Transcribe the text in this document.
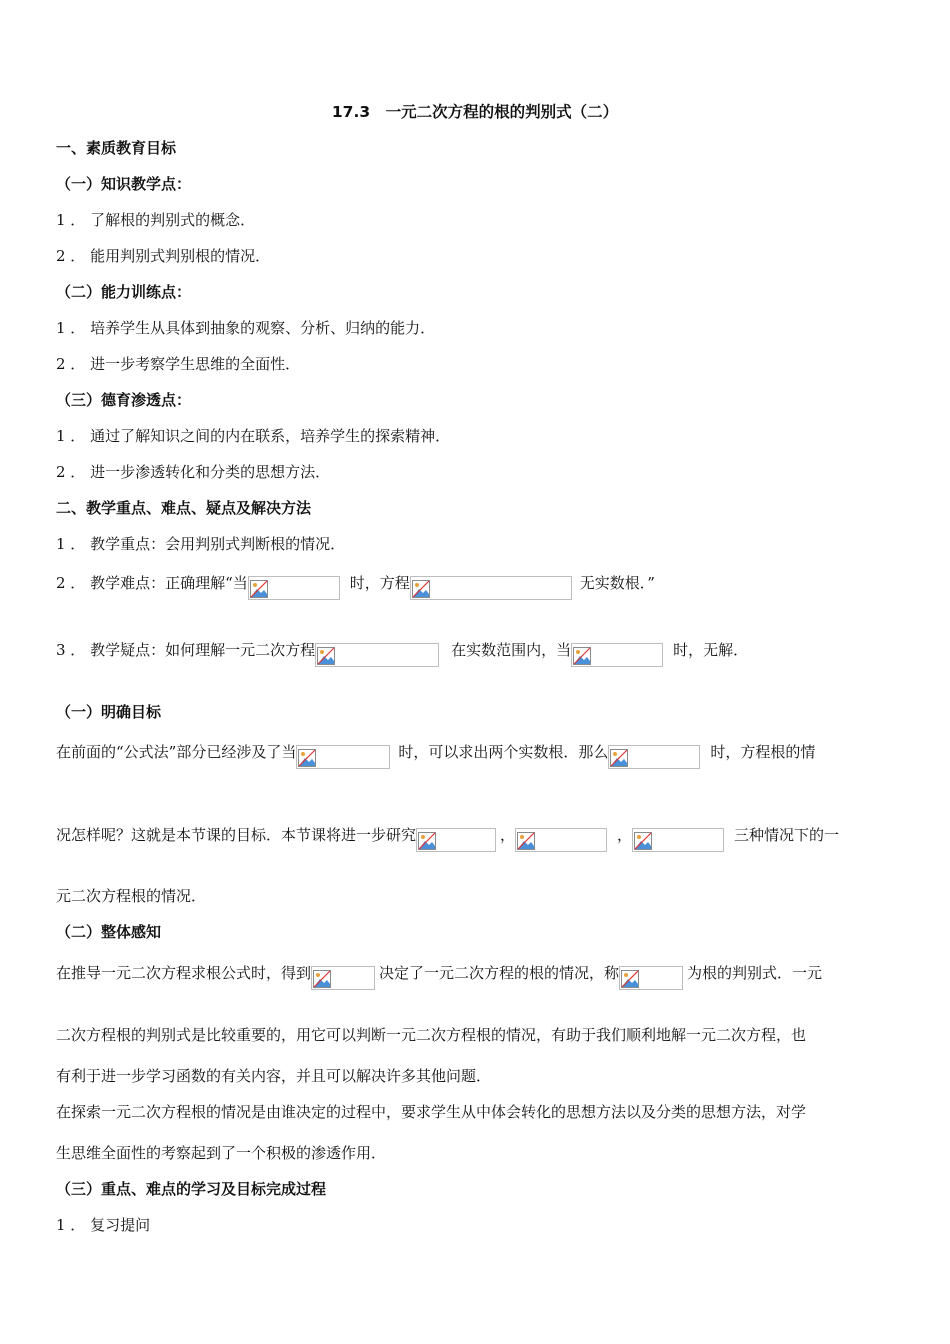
17.3　一元二次方程的根的判别式（二）
一、素质教育目标
（一）知识教学点：
1 ． 了解根的判别式的概念．
2 ． 能用判别式判别根的情况．
（二）能力训练点：
1 ． 培养学生从具体到抽象的观察、分析、归纳的能力．
2 ． 进一步考察学生思维的全面性．
（三）德育渗透点：
1 ． 通过了解知识之间的内在联系，培养学生的探索精神．
2 ． 进一步渗透转化和分类的思想方法．
二、教学重点、难点、疑点及解决方法
1 ． 教学重点：会用判别式判断根的情况．
2 ． 教学难点：正确理解“当	时，方程	无实数根．”
3 ． 教学疑点：如何理解一元二次方程	在实数范围内，当	时，无解．
（一）明确目标
在前面的“公式法”部分已经涉及了当	时，可以求出两个实数根．那么	时，方程根的情
况怎样呢？这就是本节课的目标．本节课将进一步研究	，	，	三种情况下的一
元二次方程根的情况．
（二）整体感知
在推导一元二次方程求根公式时，得到	决定了一元二次方程的根的情况，称	为根的判别式．一元
二次方程根的判别式是比较重要的，用它可以判断一元二次方程根的情况，有助于我们顺利地解一元二次方程，也
有利于进一步学习函数的有关内容，并且可以解决许多其他问题．
在探索一元二次方程根的情况是由谁决定的过程中，要求学生从中体会转化的思想方法以及分类的思想方法，对学
生思维全面性的考察起到了一个积极的渗透作用．
（三）重点、难点的学习及目标完成过程
1 ． 复习提问
